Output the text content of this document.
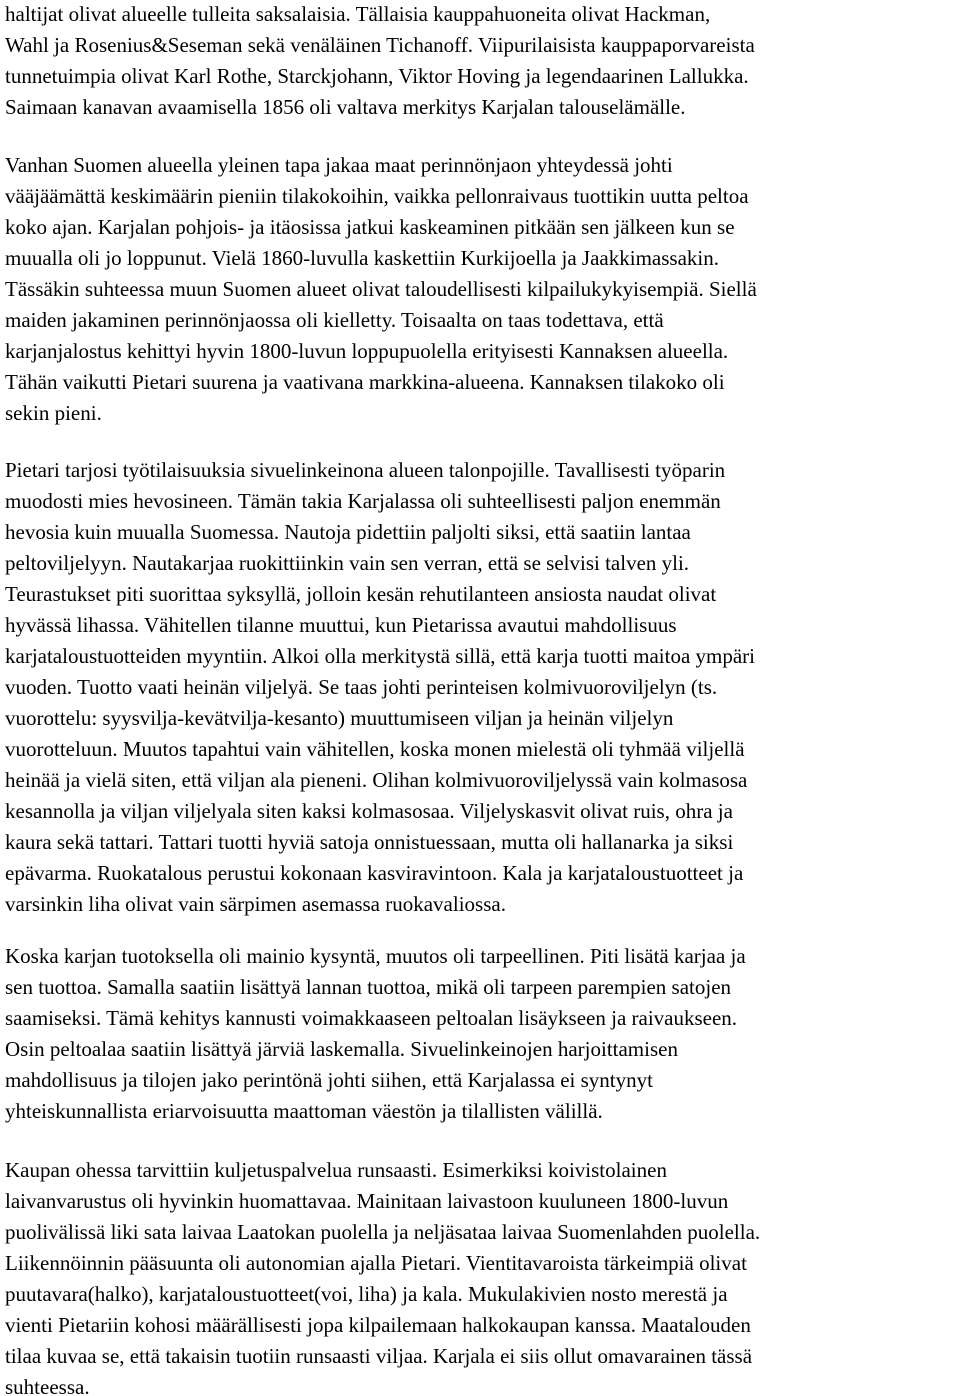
haltijat olivat alueelle tulleita saksalaisia. Tällaisia kauppahuoneita olivat Hackman,
Wahl ja Rosenius&Seseman sekä venäläinen Tichanoff. Viipurilaisista kauppaporvareista
tunnetuimpia olivat Karl Rothe, Starckjohann, Viktor Hoving ja legendaarinen Lallukka.
Saimaan kanavan avaamisella 1856 oli valtava merkitys Karjalan talouselämälle.
Vanhan Suomen alueella yleinen tapa jakaa maat perinnönjaon yhteydessä johti
vääjäämättä keskimäärin pieniin tilakokoihin, vaikka pellonraivaus tuottikin uutta peltoa
koko ajan. Karjalan pohjois- ja itäosissa jatkui kaskeaminen pitkään sen jälkeen kun se
muualla oli jo loppunut. Vielä 1860-luvulla kaskettiin Kurkijoella ja Jaakkimassakin.
Tässäkin suhteessa muun Suomen alueet olivat taloudellisesti kilpailukykyisempiä. Siellä
maiden jakaminen perinnönjaossa oli kielletty. Toisaalta on taas todettava, että
karjanjalostus kehittyi hyvin 1800-luvun loppupuolella erityisesti Kannaksen alueella.
Tähän vaikutti Pietari suurena ja vaativana markkina-alueena. Kannaksen tilakoko oli
sekin pieni.
Pietari tarjosi työtilaisuuksia sivuelinkeinona alueen talonpojille. Tavallisesti työparin
muodosti mies hevosineen. Tämän takia Karjalassa oli suhteellisesti paljon enemmän
hevosia kuin muualla Suomessa. Nautoja pidettiin paljolti siksi, että saatiin lantaa
peltoviljelyyn. Nautakarjaa ruokittiinkin vain sen verran, että se selvisi talven yli.
Teurastukset piti suorittaa syksyllä, jolloin kesän rehutilanteen ansiosta naudat olivat
hyvässä lihassa. Vähitellen tilanne muuttui, kun Pietarissa avautui mahdollisuus
karjataloustuotteiden myyntiin. Alkoi olla merkitystä sillä, että karja tuotti maitoa ympäri
vuoden. Tuotto vaati heinän viljelyä. Se taas johti perinteisen kolmivuoroviljelyn (ts.
vuorottelu: syysvilja-kevätvilja-kesanto) muuttumiseen viljan ja heinän viljelyn
vuorotteluun. Muutos tapahtui vain vähitellen, koska monen mielestä oli tyhmää viljellä
heinää ja vielä siten, että viljan ala pienenі. Olihan kolmivuoroviljelyssä vain kolmasosa
kesannolla ja viljan viljelyala siten kaksi kolmasosaa. Viljelyskasvit olivat ruis, ohra ja
kaura sekä tattari. Tattari tuotti hyviä satoja onnistuessaan, mutta oli hallanarka ja siksi
epävarma. Ruokatalous perustui kokonaan kasviravintoon. Kala ja karjataloustuotteet ja
varsinkin liha olivat vain särpimen asemassa ruokavaliossa.
Koska karjan tuotoksella oli mainio kysyntä, muutos oli tarpeellinen. Piti lisätä karjaa ja
sen tuottoa. Samalla saatiin lisättyä lannan tuottoa, mikä oli tarpeen parempien satojen
saamiseksi. Tämä kehitys kannusti voimakkaaseen peltoalan lisäykseen ja raivaukseen.
Osin peltoalaa saatiin lisättyä järviä laskemalla. Sivuelinkeinojen harjoittamisen
mahdollisuus ja tilojen jako perintönä johti siihen, että Karjalassa ei syntynyt
yhteiskunnallista eriarvoisuutta maattoman väestön ja tilallisten välillä.
Kaupan ohessa tarvittiin kuljetuspalvelua runsaasti. Esimerkiksi koivistolainen
laivanvarustus oli hyvinkin huomattavaa. Mainitaan laivastoon kuuluneen 1800-luvun
puolivälissä liki sata laivaa Laatokan puolella ja neljäsataa laivaa Suomenlahden puolella.
Liikennöinnin pääsuunta oli autonomian ajalla Pietari. Vientitavaroista tärkeimpiä olivat
puutavara(halko), karjataloustuotteet(voi, liha) ja kala. Mukulakivien nosto merestä ja
vienti Pietariin kohosi määrällisesti jopa kilpailemaan halkokaupan kanssa. Maatalouden
tilaa kuvaa se, että takaisin tuotiin runsaasti viljaa. Karjala ei siis ollut omavarainen tässä
suhteessa.
